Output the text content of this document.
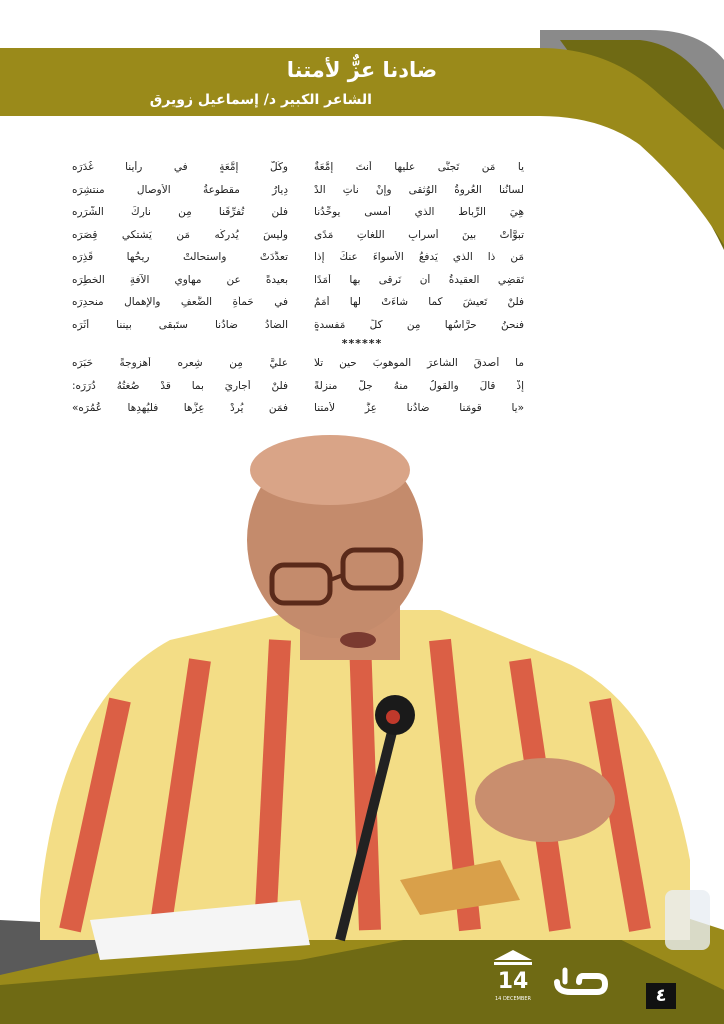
ضادنا عزٌّ لأمتنا
الشاعر الكبير د/ إسماعيل زويرق
******
14
14 DECEMBER	٤
يا مَن تَجنَّى عليها أنتَ إمَّعَةٌ
وكُلُّ إمَّعَةٍ في رأينا غُدَرَه
لسانُنا العُروةُ الوُثقى وإنْ نأتِ الدْ
دِيارُ مقطوعةُ الأوصالِ منتشِرَه
هِيَ الرِّباطُ الذي أمسى يوحِّدُنا
فلن تُفرِّقَنا مِن نارِكَ الشَّرَره
تبوَّأتْ بينَ أسرابِ اللُّغاتِ مَدًى
وليسَ يُدرِكُه مَن يَشتكي قِصَرَه
مَن ذا الذي يَدفعُ الأسواءَ عنكَ إذا
تعدَّدَتْ واستحالتْ ريحُها قَذِرَه
تَقضِي العقيدةُ أن نَرقى بها أمَدًا
بعيدةً عن مهاوي الآفةِ الخطِرَه
فلنْ تَعيشَ كما شاءَتْ لها أُمَمٌ
في حَمأةِ الضَّعفِ والإهمالِ منحدِرَه
فنحنُ حرَّاسُها مِن كلِّ مَفسدةٍ
الضادُ ضادُنا ستَبقى بيننا أثَرَه
ما أصدقَ الشاعرَ الموهوبَ حين تلا
عليَّ مِن شِعرِه أهزوجةً حَبَرَه
إذْ قالَ والقولُ منهُ جلَّ منزلةً
فلنْ أجاريَ بما قدْ صُغتُهُ دُرَرَه:
«يا قومَنا ضادُنا عِزٌّ لأمتنا
فمَن يُردْ عِزَّها فليُهدِها عُمُرَه»
